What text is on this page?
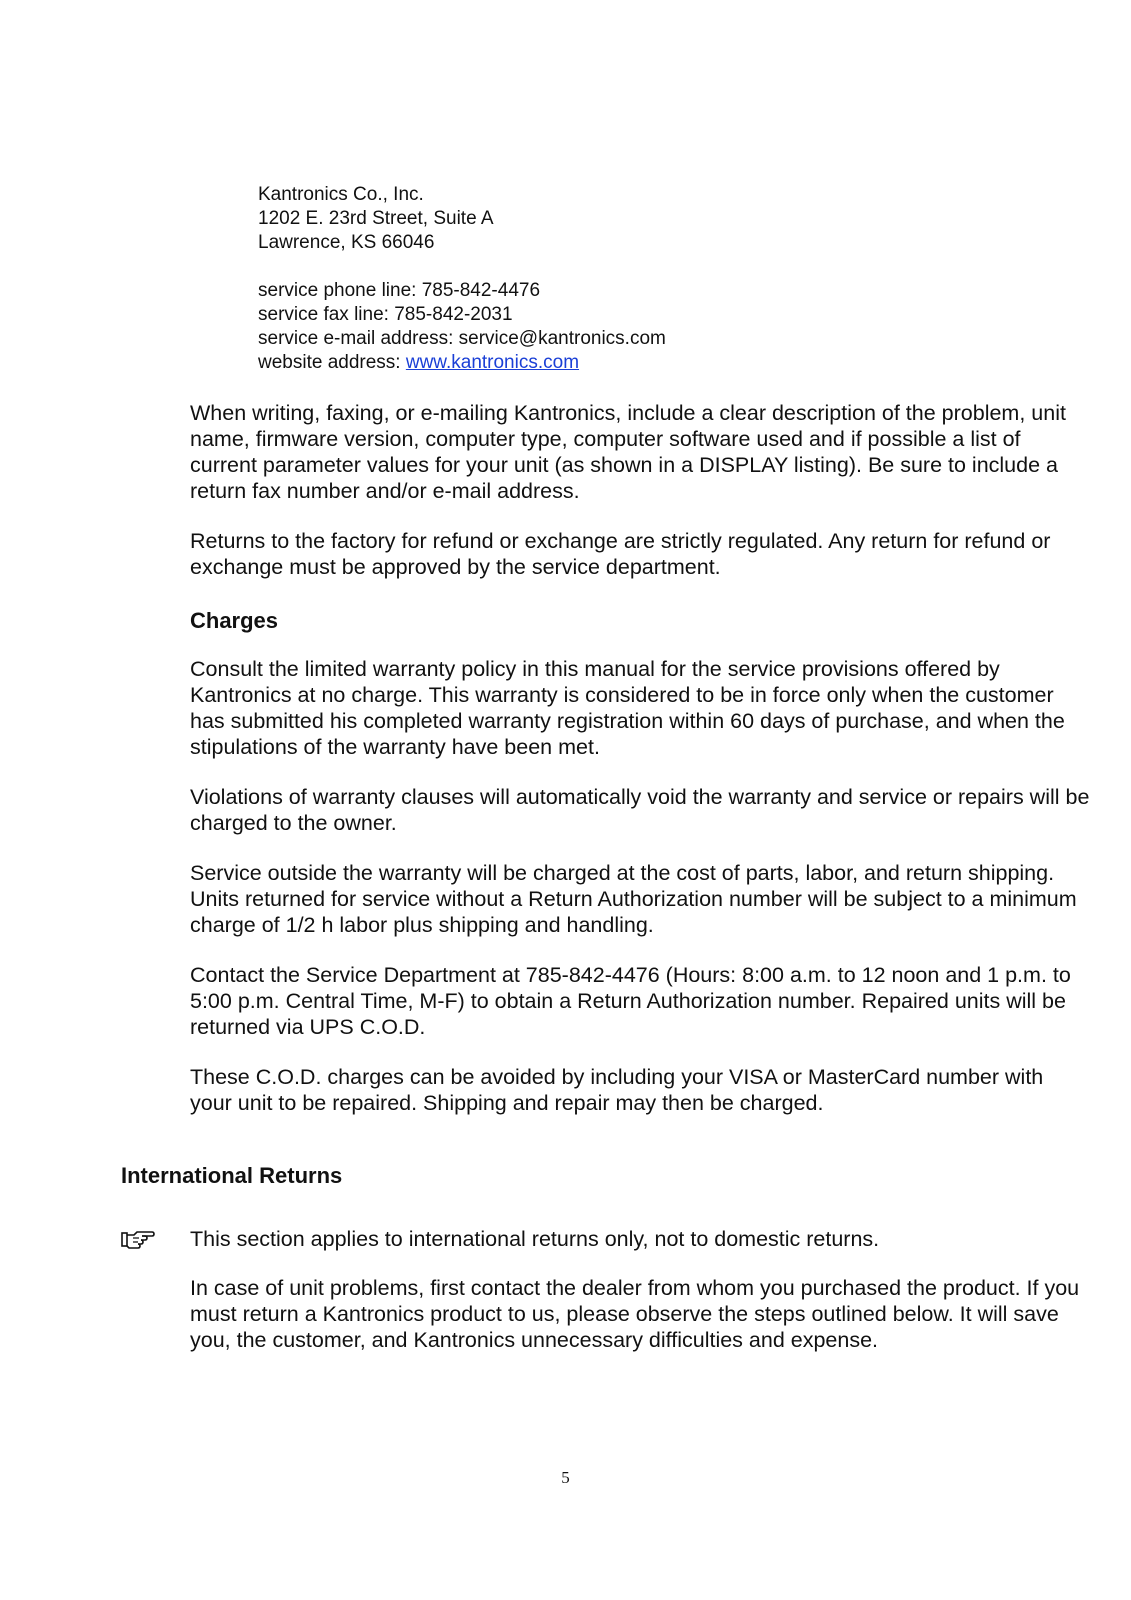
Kantronics Co., Inc.
1202 E. 23rd Street, Suite A
Lawrence, KS 66046
service phone line: 785-842-4476
service fax line: 785-842-2031
service e-mail address: service@kantronics.com
website address: www.kantronics.com

When writing, faxing, or e-mailing Kantronics, include a clear description of the problem, unit name, firmware version, computer type, computer software used and if possible a list of current parameter values for your unit (as shown in a DISPLAY listing). Be sure to include a return fax number and/or e-mail address.

Returns to the factory for refund or exchange are strictly regulated. Any return for refund or exchange must be approved by the service department.

Charges

Consult the limited warranty policy in this manual for the service provisions offered by Kantronics at no charge. This warranty is considered to be in force only when the customer has submitted his completed warranty registration within 60 days of purchase, and when the stipulations of the warranty have been met.

Violations of warranty clauses will automatically void the warranty and service or repairs will be charged to the owner.

Service outside the warranty will be charged at the cost of parts, labor, and return shipping. Units returned for service without a Return Authorization number will be subject to a minimum charge of 1/2 h labor plus shipping and handling.

Contact the Service Department at 785-842-4476 (Hours: 8:00 a.m. to 12 noon and 1 p.m. to 5:00 p.m. Central Time, M-F) to obtain a Return Authorization number. Repaired units will be returned via UPS C.O.D.

These C.O.D. charges can be avoided by including your VISA or MasterCard number with your unit to be repaired. Shipping and repair may then be charged.

International Returns

This section applies to international returns only, not to domestic returns.

In case of unit problems, first contact the dealer from whom you purchased the product. If you must return a Kantronics product to us, please observe the steps outlined below. It will save you, the customer, and Kantronics unnecessary difficulties and expense.

5
